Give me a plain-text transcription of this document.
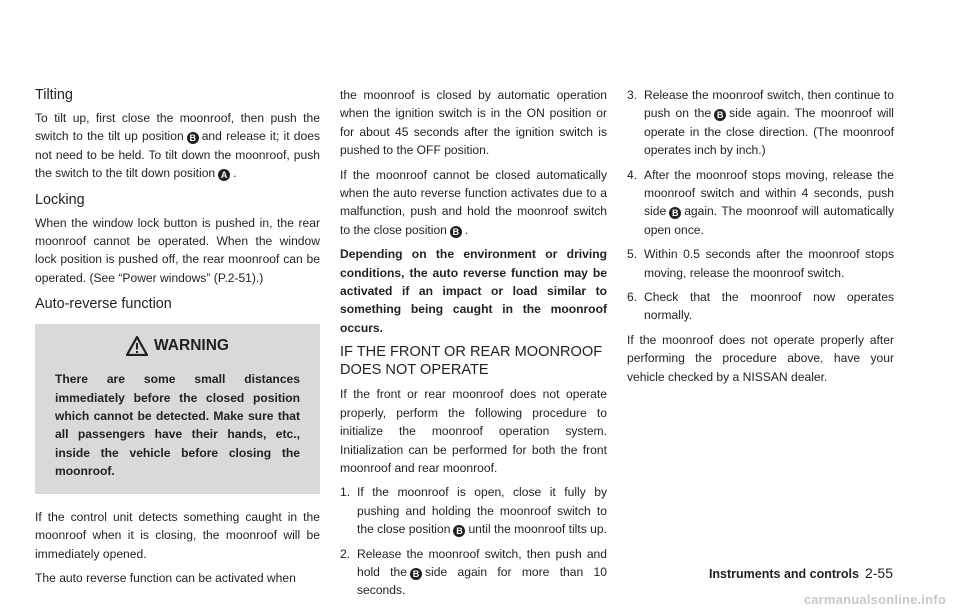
Tilting

To tilt up, first close the moonroof, then push the switch to the tilt up position B and release it; it does not need to be held. To tilt down the moonroof, push the switch to the tilt down position A .

Locking

When the window lock button is pushed in, the rear moonroof cannot be operated. When the window lock position is pushed off, the rear moonroof can be operated. (See “Power windows” (P.2-51).)

Auto-reverse function
WARNING

There are some small distances immediately before the closed position which cannot be detected. Make sure that all passengers have their hands, etc., inside the vehicle before closing the moonroof.

If the control unit detects something caught in the moonroof when it is closing, the moonroof will be immediately opened.

The auto reverse function can be activated when

the moonroof is closed by automatic operation when the ignition switch is in the ON position or for about 45 seconds after the ignition switch is pushed to the OFF position.

If the moonroof cannot be closed automatically when the auto reverse function activates due to a malfunction, push and hold the moonroof switch to the close position B .

Depending on the environment or driving conditions, the auto reverse function may be activated if an impact or load similar to something being caught in the moonroof occurs.

IF THE FRONT OR REAR MOONROOF DOES NOT OPERATE

If the front or rear moonroof does not operate properly, perform the following procedure to initialize the moonroof operation system. Initialization can be performed for both the front moonroof and rear moonroof.

1. If the moonroof is open, close it fully by pushing and holding the moonroof switch to the close position B until the moonroof tilts up.
2. Release the moonroof switch, then push and hold the B side again for more than 10 seconds.
3. Release the moonroof switch, then continue to push on the B side again. The moonroof will operate in the close direction. (The moonroof operates inch by inch.)
4. After the moonroof stops moving, release the moonroof switch and within 4 seconds, push side B again. The moonroof will automatically open once.
5. Within 0.5 seconds after the moonroof stops moving, release the moonroof switch.
6. Check that the moonroof now operates normally.

If the moonroof does not operate properly after performing the procedure above, have your vehicle checked by a NISSAN dealer.

Instruments and controls 2-55
carmanualsonline.info
